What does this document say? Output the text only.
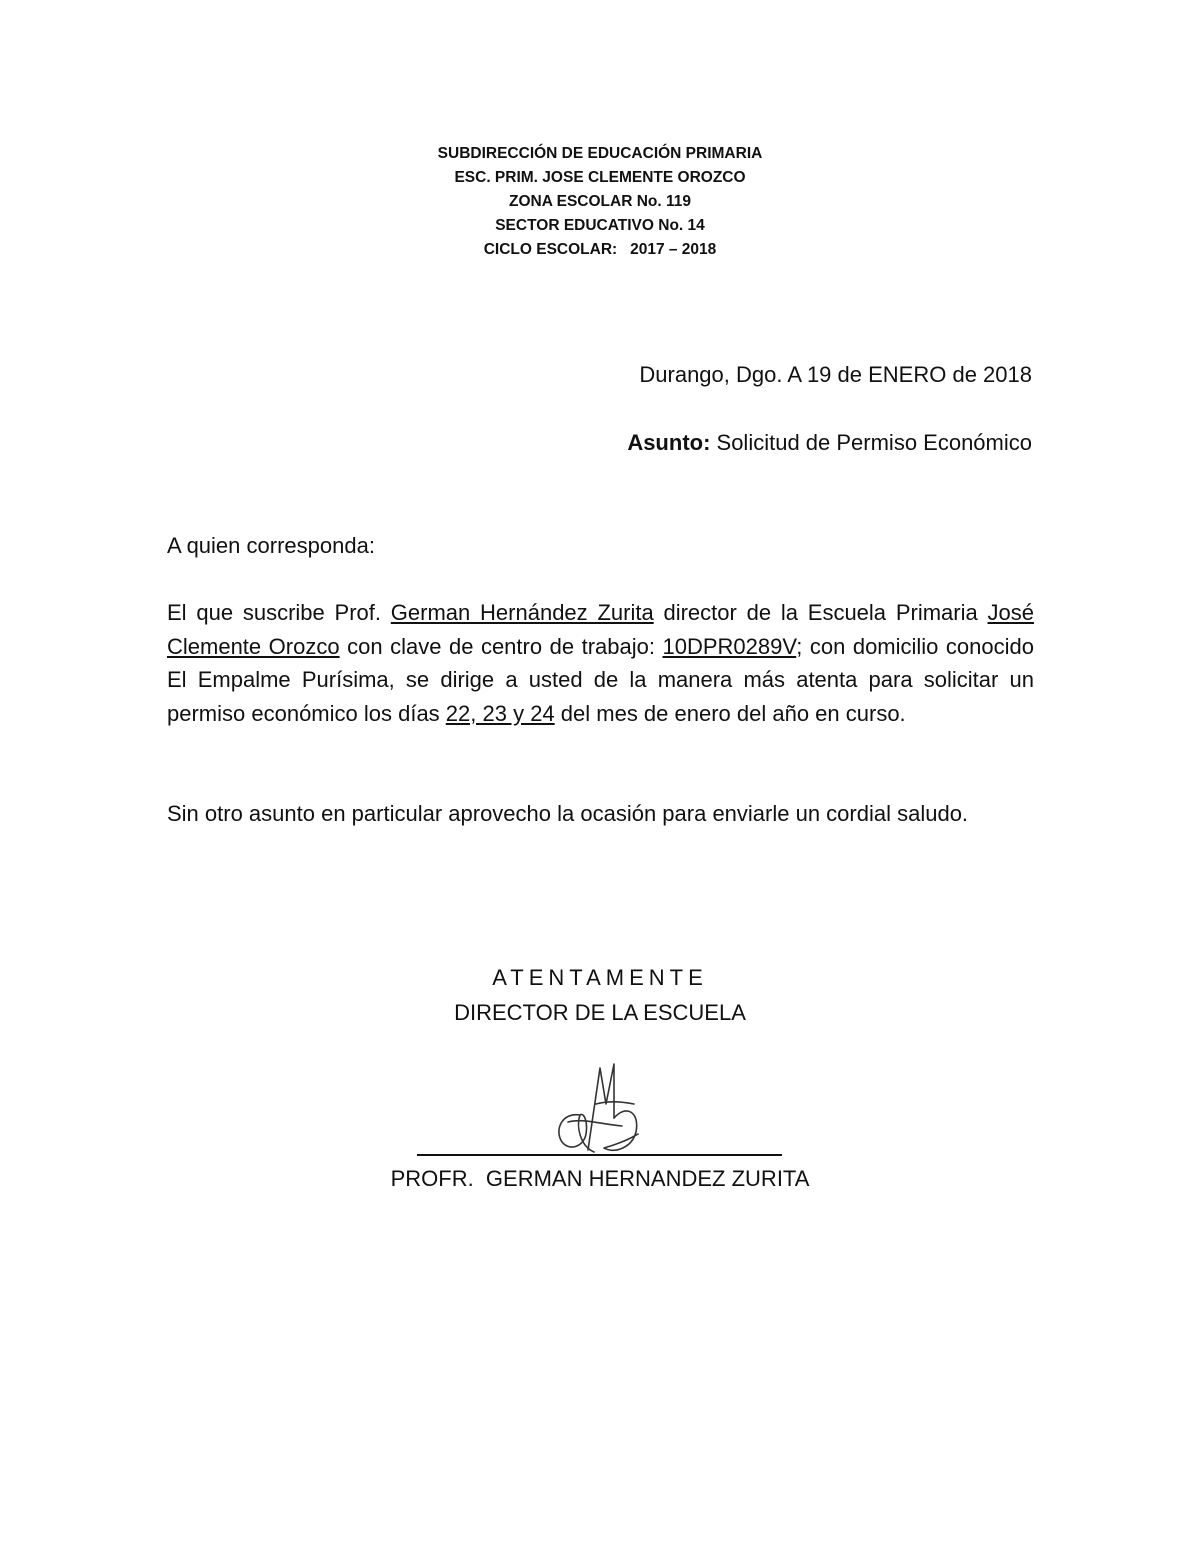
SUBDIRECCIÓN DE EDUCACIÓN PRIMARIA
ESC. PRIM. JOSE CLEMENTE OROZCO
ZONA ESCOLAR No. 119
SECTOR EDUCATIVO No. 14
CICLO ESCOLAR:   2017 – 2018
Durango, Dgo. A 19 de ENERO de 2018
Asunto: Solicitud de Permiso Económico
A quien corresponda:
El que suscribe Prof. German Hernández Zurita director de la Escuela Primaria José Clemente Orozco con clave de centro de trabajo: 10DPR0289V; con domicilio conocido El Empalme Purísima, se dirige a usted de la manera más atenta para solicitar un permiso económico los días 22, 23 y 24 del mes de enero del año en curso.
Sin otro asunto en particular aprovecho la ocasión para enviarle un cordial saludo.
ATENTAMENTE
DIRECTOR DE LA ESCUELA
PROFR.  GERMAN HERNANDEZ ZURITA
